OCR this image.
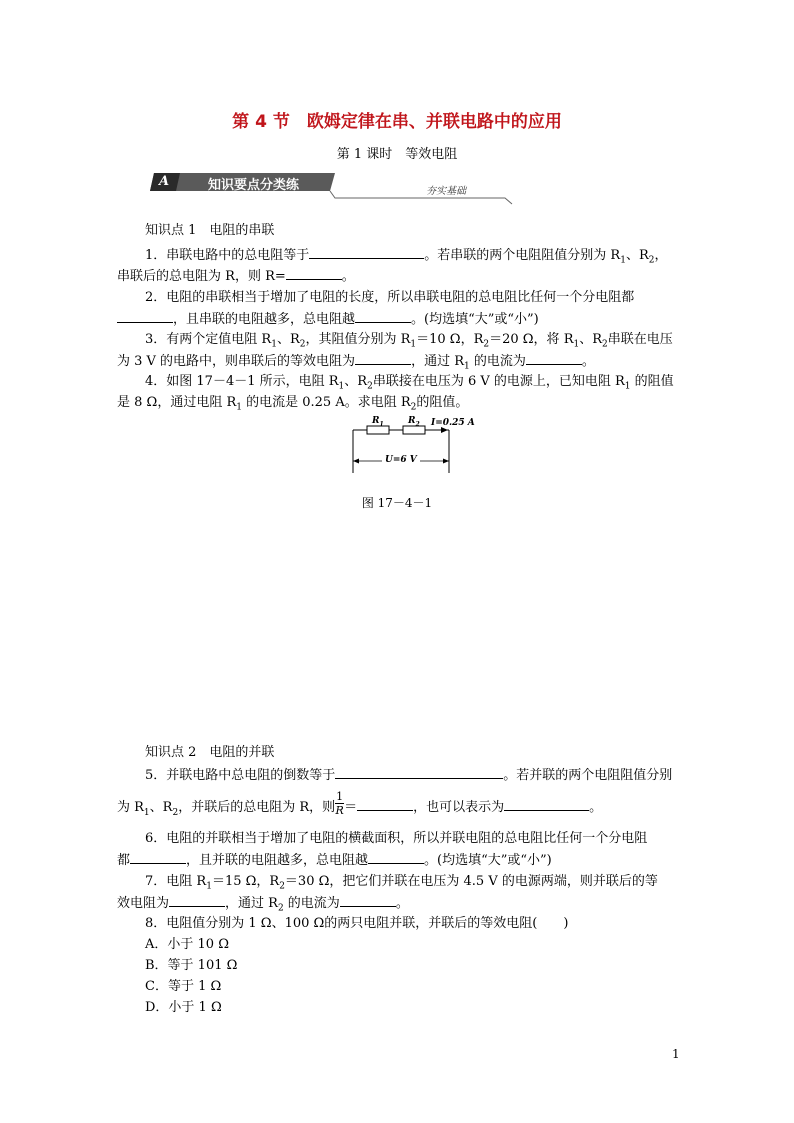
第 4 节　欧姆定律在串、并联电路中的应用
第 1 课时　等效电阻
A	知识要点分类练	夯实基础
知识点 1　电阻的串联
1．串联电路中的总电阻等于	。若串联的两个电阻阻值分别为 $R_1$、$R_2$，
串联后的总电阻为 R，则 R=	。
2．电阻的串联相当于增加了电阻的长度，所以串联电阻的总电阻比任何一个分电阻都
，且串联的电阻越多，总电阻越	。(均选填“大”或“小”)
3．有两个定值电阻 $R_1$、$R_2$，其阻值分别为 $R_1=10$ Ω，$R_2=20$ Ω，将 $R_1$、$R_2$串联在电压
为 3 V 的电路中，则串联后的等效电阻为	，通过 $R_1$ 的电流为	。
4．如图 17－4－1 所示，电阻 $R_1$、$R_2$串联接在电压为 6 V 的电源上，已知电阻 $R_1$ 的阻值
是 8 Ω，通过电阻 $R_1$ 的电流是 0.25 A。求电阻 $R_2$的阻值。
$R_1$	$R_2$ I=0.25 A
U=6 V
图 17－4－1
知识点 2　电阻的并联
5．并联电路中总电阻的倒数等于	。若并联的两个电阻阻值分别
为 $R_1$、$R_2$，并联后的总电阻为 R，则 $\frac{1}{R}$ ＝	，也可以表示为	。
6．电阻的并联相当于增加了电阻的横截面积，所以并联电阻的总电阻比任何一个分电阻
都	，且并联的电阻越多，总电阻越	。(均选填“大”或“小”)
7．电阻 $R_1=15$ Ω，$R_2=30$ Ω，把它们并联在电压为 4.5 V 的电源两端，则并联后的等
效电阻为	，通过 $R_2$ 的电流为	。
8．电阻值分别为 1 Ω、100 Ω的两只电阻并联，并联后的等效电阻(　　)
A．小于 10 Ω
B．等于 101 Ω
C．等于 1 Ω
D．小于 1 Ω
1
